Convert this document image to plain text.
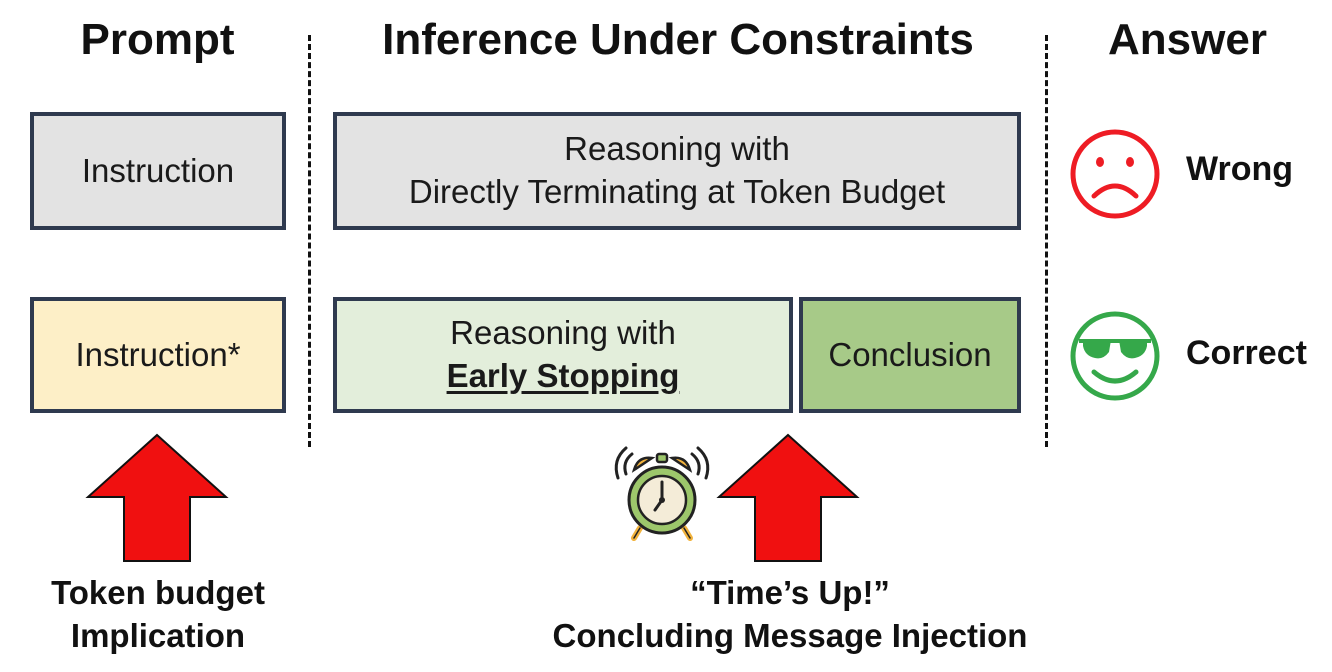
Prompt	Inference Under Constraints	Answer
Instruction
Reasoning with
Directly Terminating at Token Budget
Wrong
Instruction*
Reasoning with
Early Stopping
Conclusion	Correct
Token budget
Implication
“Time’s Up!”
Concluding Message Injection
